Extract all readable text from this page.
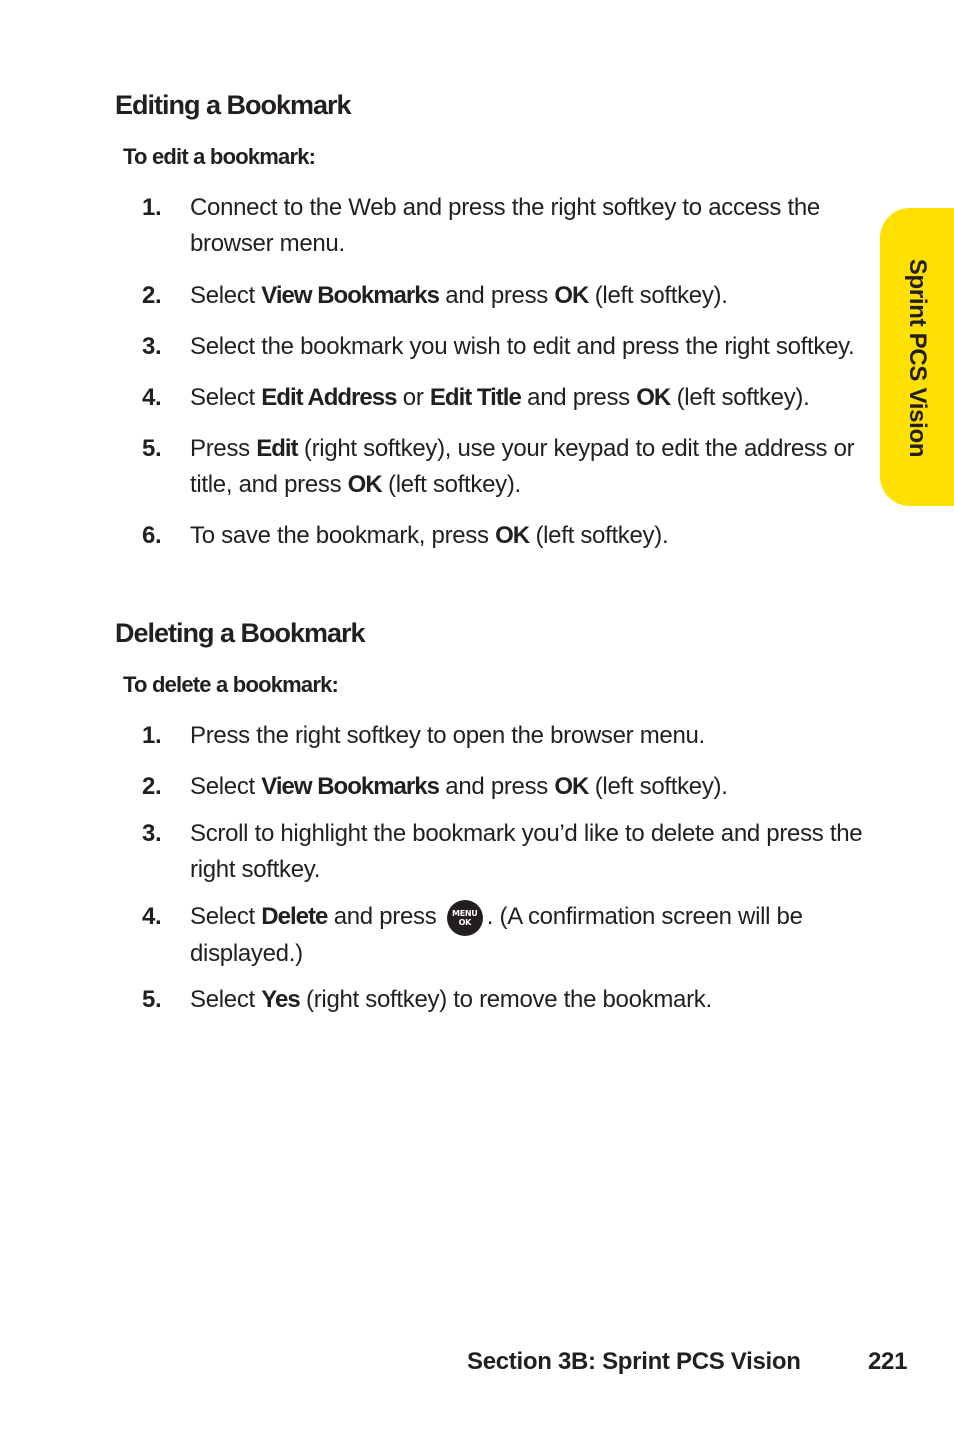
Sprint PCS Vision
Editing a Bookmark

To edit a bookmark:

1. Connect to the Web and press the right softkey to access the browser menu.
2. Select View Bookmarks and press OK (left softkey).
3. Select the bookmark you wish to edit and press the right softkey.
4. Select Edit Address or Edit Title and press OK (left softkey).
5. Press Edit (right softkey), use your keypad to edit the address or title, and press OK (left softkey).
6. To save the bookmark, press OK (left softkey).
Deleting a Bookmark

To delete a bookmark:

1. Press the right softkey to open the browser menu.
2. Select View Bookmarks and press OK (left softkey).
3. Scroll to highlight the bookmark you’d like to delete and press the right softkey.
4. Select Delete and press MENU
OK . (A confirmation screen will be displayed.)
5. Select Yes (right softkey) to remove the bookmark.
Section 3B: Sprint PCS Vision	221
